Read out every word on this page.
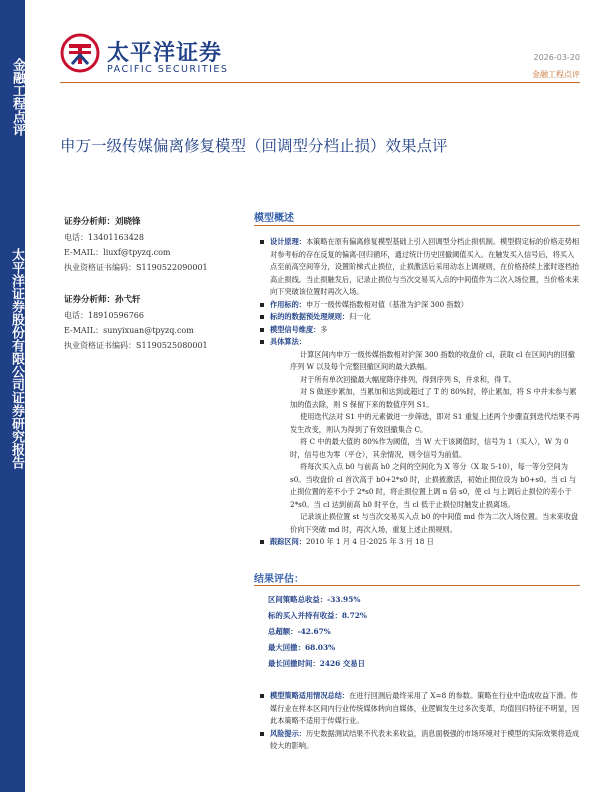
金融工程点评
太平洋证券股份有限公司证券研究报告
太平洋证券
PACIFIC SECURITIES
2026-03-20
金融工程点评
申万一级传媒偏离修复模型（回调型分档止损）效果点评
证券分析师：刘晓锋
电话：13401163428
E-MAIL：liuxf@tpyzq.com
执业资格证书编码：S1190522090001
证券分析师：孙弋轩
电话：18910596766
E-MAIL：sunyixuan@tpyzq.com
执业资格证书编码：S1190525080001
模型概述

设计原理：本策略在原有偏离修复模型基础上引入回调型分档止损机制。模型假定标的价格走势相对参考标的存在反复的偏离-回归循环，通过统计历史回撤阈值买入。在触发买入信号后，将买入点至前高空间等分，设置阶梯式止损位，止损激活后采用动态上调规则，在价格持续上涨时逐档抬高止损线。当止损触发后，记录止损位与当次交易买入点的中间值作为二次入场位置，当价格未来向下突破该位置时再次入场。

作用标的：申万一级传媒指数相对值（基准为沪深 300 指数）

标的的数据预处理规则：归一化

模型信号维度：多

具体算法：

计算区间内申万一级传媒指数相对沪深 300 指数的收盘价 cl，获取 cl 在区间内的回撤序列 W 以及每个完整回撤区间的最大跌幅。

对于所有单次回撤最大幅度降序排列，得到序列 S，并求和，得 T。

对 S 做逐步累加，当累加和达到或超过了 T 的 80%时，停止累加，将 S 中并未参与累加的值去除，则 S 保留下来的数值序列 S1。

使用迭代法对 S1 中的元素做进一步筛选，即对 S1 重复上述两个步骤直到迭代结果不再发生改变，则认为得到了有效回撤集合 C。

将 C 中的最大值的 80%作为阈值，当 W 大于该阈值时，信号为 1（买入），W 为 0 时，信号也为零（平仓），其余情况，则令信号为前值。

将每次买入点 b0 与前高 h0 之间的空间化为 X 等分（X 取 5-10），每一等分空间为 s0。当收盘价 cl 首次高于 b0+2*s0 时，止损被激活，初始止损位设为 b0+s0。当 cl 与止损位置的差不小于 2*s0 时，将止损位置上调 n 倍 s0，使 cl 与上调后止损位的差小于 2*s0。当 cl 达到前高 h0 时平仓，当 cl 低于止损位时触发止损离场。

记录该止损位置 st 与当次交易买入点 b0 的中间值 md 作为二次入场位置。当未来收盘价向下突破 md 时，再次入场，重复上述止损规则。

跟踪区间：2010 年 1 月 4 日-2025 年 3 月 18 日

结果评估：
区间策略总收益：-33.95%
标的买入并持有收益：8.72%
总超额：-42.67%
最大回撤：68.03%
最长回撤时间：2426 交易日

模型策略适用情况总结：在进行回测后最终采用了 X=8 的参数。策略在行业中造成收益下滑。传媒行业在样本区间内行业传统媒体转向自媒体，业逻辑发生过多次变革，均值回归特征不明显，因此本策略不适用于传媒行业。

风险提示：历史数据测试结果不代表未来收益，消息面极强的市场环境对于模型的实际效果将造成较大的影响。
